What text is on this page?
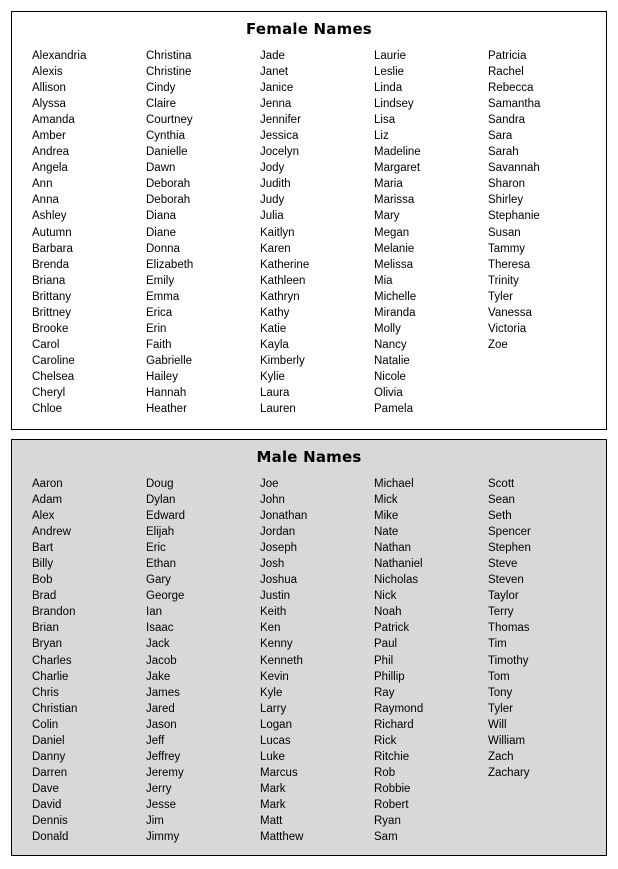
Female Names
Alexandria
Alexis
Allison
Alyssa
Amanda
Amber
Andrea
Angela
Ann
Anna
Ashley
Autumn
Barbara
Brenda
Briana
Brittany
Brittney
Brooke
Carol
Caroline
Chelsea
Cheryl
Chloe
Christina
Christine
Cindy
Claire
Courtney
Cynthia
Danielle
Dawn
Deborah
Deborah
Diana
Diane
Donna
Elizabeth
Emily
Emma
Erica
Erin
Faith
Gabrielle
Hailey
Hannah
Heather
Jade
Janet
Janice
Jenna
Jennifer
Jessica
Jocelyn
Jody
Judith
Judy
Julia
Kaitlyn
Karen
Katherine
Kathleen
Kathryn
Kathy
Katie
Kayla
Kimberly
Kylie
Laura
Lauren
Laurie
Leslie
Linda
Lindsey
Lisa
Liz
Madeline
Margaret
Maria
Marissa
Mary
Megan
Melanie
Melissa
Mia
Michelle
Miranda
Molly
Nancy
Natalie
Nicole
Olivia
Pamela
Patricia
Rachel
Rebecca
Samantha
Sandra
Sara
Sarah
Savannah
Sharon
Shirley
Stephanie
Susan
Tammy
Theresa
Trinity
Tyler
Vanessa
Victoria
Zoe
Male Names
Aaron
Adam
Alex
Andrew
Bart
Billy
Bob
Brad
Brandon
Brian
Bryan
Charles
Charlie
Chris
Christian
Colin
Daniel
Danny
Darren
Dave
David
Dennis
Donald
Doug
Dylan
Edward
Elijah
Eric
Ethan
Gary
George
Ian
Isaac
Jack
Jacob
Jake
James
Jared
Jason
Jeff
Jeffrey
Jeremy
Jerry
Jesse
Jim
Jimmy
Joe
John
Jonathan
Jordan
Joseph
Josh
Joshua
Justin
Keith
Ken
Kenny
Kenneth
Kevin
Kyle
Larry
Logan
Lucas
Luke
Marcus
Mark
Mark
Matt
Matthew
Michael
Mick
Mike
Nate
Nathan
Nathaniel
Nicholas
Nick
Noah
Patrick
Paul
Phil
Phillip
Ray
Raymond
Richard
Rick
Ritchie
Rob
Robbie
Robert
Ryan
Sam
Scott
Sean
Seth
Spencer
Stephen
Steve
Steven
Taylor
Terry
Thomas
Tim
Timothy
Tom
Tony
Tyler
Will
William
Zach
Zachary
